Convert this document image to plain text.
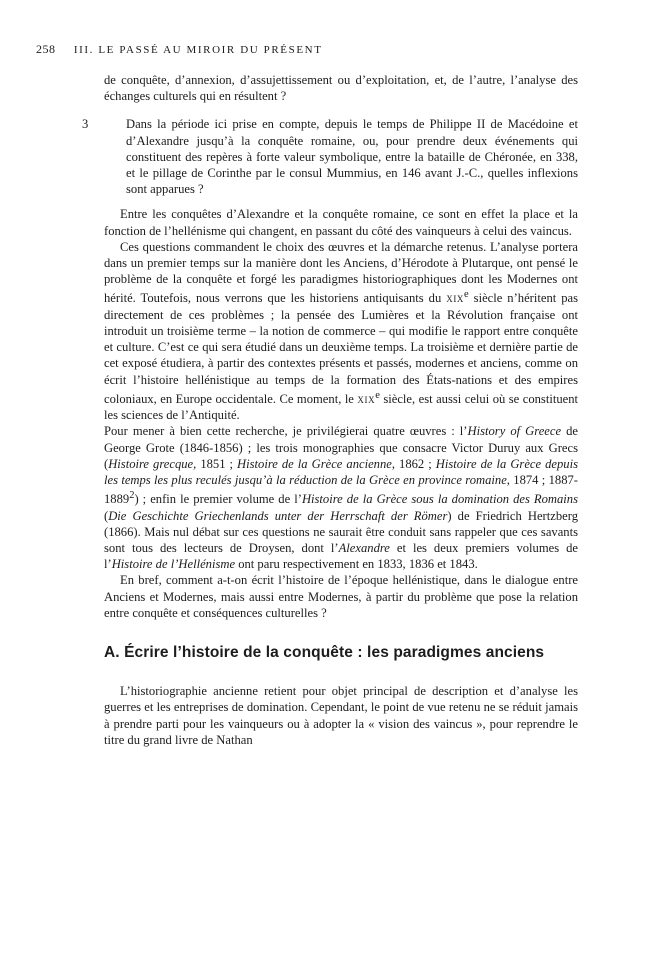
258 III. LE PASSÉ AU MIROIR DU PRÉSENT

de conquête, d’annexion, d’assujettissement ou d’exploitation, et, de l’autre, l’analyse des échanges culturels qui en résultent ?

3	Dans la période ici prise en compte, depuis le temps de Philippe II de Macédoine et d’Alexandre jusqu’à la conquête romaine, ou, pour prendre deux événements qui constituent des repères à forte valeur symbolique, entre la bataille de Chéronée, en 338, et le pillage de Corinthe par le consul Mummius, en 146 avant J.-C., quelles inflexions sont apparues ?

Entre les conquêtes d’Alexandre et la conquête romaine, ce sont en effet la place et la fonction de l’hellénisme qui changent, en passant du côté des vainqueurs à celui des vaincus.

Ces questions commandent le choix des œuvres et la démarche retenus. L’analyse portera dans un premier temps sur la manière dont les Anciens, d’Hérodote à Plutarque, ont pensé le problème de la conquête et forgé les paradigmes historiographiques dont les Modernes ont hérité. Toutefois, nous verrons que les historiens antiquisants du xix$^e$ siècle n’héritent pas directement de ces problèmes ; la pensée des Lumières et la Révolution française ont introduit un troisième terme – la notion de commerce – qui modifie le rapport entre conquête et culture. C’est ce qui sera étudié dans un deuxième temps. La troisième et dernière partie de cet exposé étudiera, à partir des contextes présents et passés, modernes et anciens, comme on écrit l’histoire hellénistique au temps de la formation des États-nations et des empires coloniaux, en Europe occidentale. Ce moment, le xix$^e$ siècle, est aussi celui où se constituent les sciences de l’Antiquité.

Pour mener à bien cette recherche, je privilégierai quatre œuvres : l’History of Greece de George Grote (1846-1856) ; les trois monographies que consacre Victor Duruy aux Grecs (Histoire grecque, 1851 ; Histoire de la Grèce ancienne, 1862 ; Histoire de la Grèce depuis les temps les plus reculés jusqu’à la réduction de la Grèce en province romaine, 1874 ; 1887-1889$^2$) ; enfin le premier volume de l’Histoire de la Grèce sous la domination des Romains (Die Geschichte Griechenlands unter der Herrschaft der Römer) de Friedrich Hertzberg (1866). Mais nul débat sur ces questions ne saurait être conduit sans rappeler que ces savants sont tous des lecteurs de Droysen, dont l’Alexandre et les deux premiers volumes de l’Histoire de l’Hellénisme ont paru respectivement en 1833, 1836 et 1843.

En bref, comment a-t-on écrit l’histoire de l’époque hellénistique, dans le dialogue entre Anciens et Modernes, mais aussi entre Modernes, à partir du problème que pose la relation entre conquête et conséquences culturelles ?

A. Écrire l’histoire de la conquête : les paradigmes anciens

L’historiographie ancienne retient pour objet principal de description et d’analyse les guerres et les entreprises de domination. Cependant, le point de vue retenu ne se réduit jamais à prendre parti pour les vainqueurs ou à adopter la « vision des vaincus », pour reprendre le titre du grand livre de Nathan
